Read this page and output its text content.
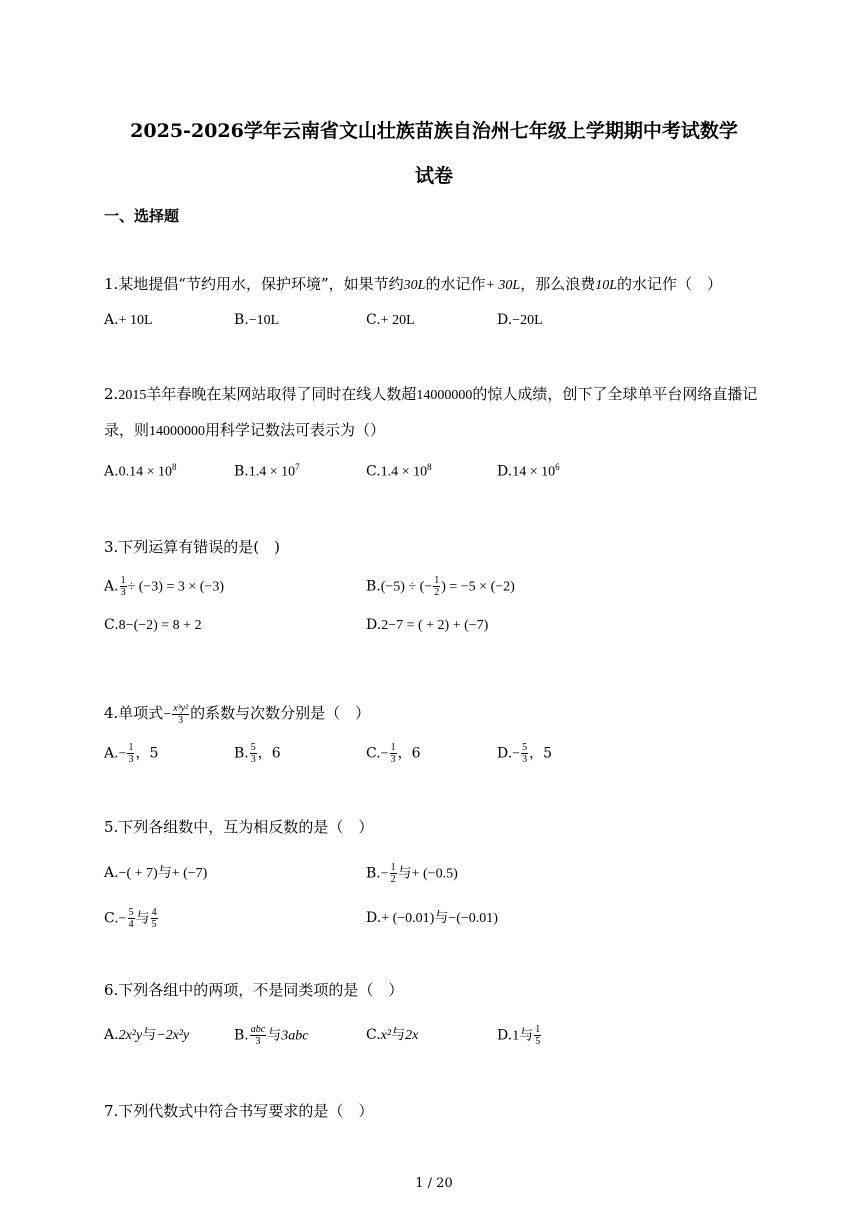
2025-2026学年云南省文山壮族苗族自治州七年级上学期期中考试数学
试卷
一、选择题
1.某地提倡“节约用水，保护环境”，如果节约30L的水记作+ 30L，那么浪费10L的水记作（　）
A.+ 10L	B.−10L	C.+ 20L	D.−20L
2.2015羊年春晚在某网站取得了同时在线人数超14000000的惊人成绩，创下了全球单平台网络直播记录，则14000000用科学记数法可表示为（）
$A.0.14 \times 10^8$	$B.1.4 \times 10^7$	$C.1.4 \times 10^8$	$D.14 \times 10^6$
3.下列运算有错误的是(　)
A. $\frac{1}{3} \div (-3) = 3 \times (-3)$	B.(−5) ÷ (− $\frac{1}{2}$ ) = −5 × (−2)
C.8−(−2) = 8 + 2	D.2−7 = ( + 2) + (−7)
4.单项式− $\frac{\text{x³y²}}{3}$ 的系数与次数分别是（　）
$A.- \frac{1}{3}$ ，5	B. $\frac{5}{3}$ ，6	$C.- \frac{1}{3}$ ，6	$D.- \frac{5}{3}$ ，5
5.下列各组数中，互为相反数的是（　）
A.−( + 7)与+ (−7)	$B.- \frac{1}{2}$ 与+ (−0.5)
$C.- \frac{5}{4}$ 与 $\frac{4}{5}$	D.+ (−0.01)与−(−0.01)
6.下列各组中的两项，不是同类项的是（　）
A.2x²y与−2x²y	B. $\frac{\text{abc}}{3}$ 与3abc	C.x²与2x	D.1与 $\frac{1}{5}$
7.下列代数式中符合书写要求的是（　）
1 / 20
